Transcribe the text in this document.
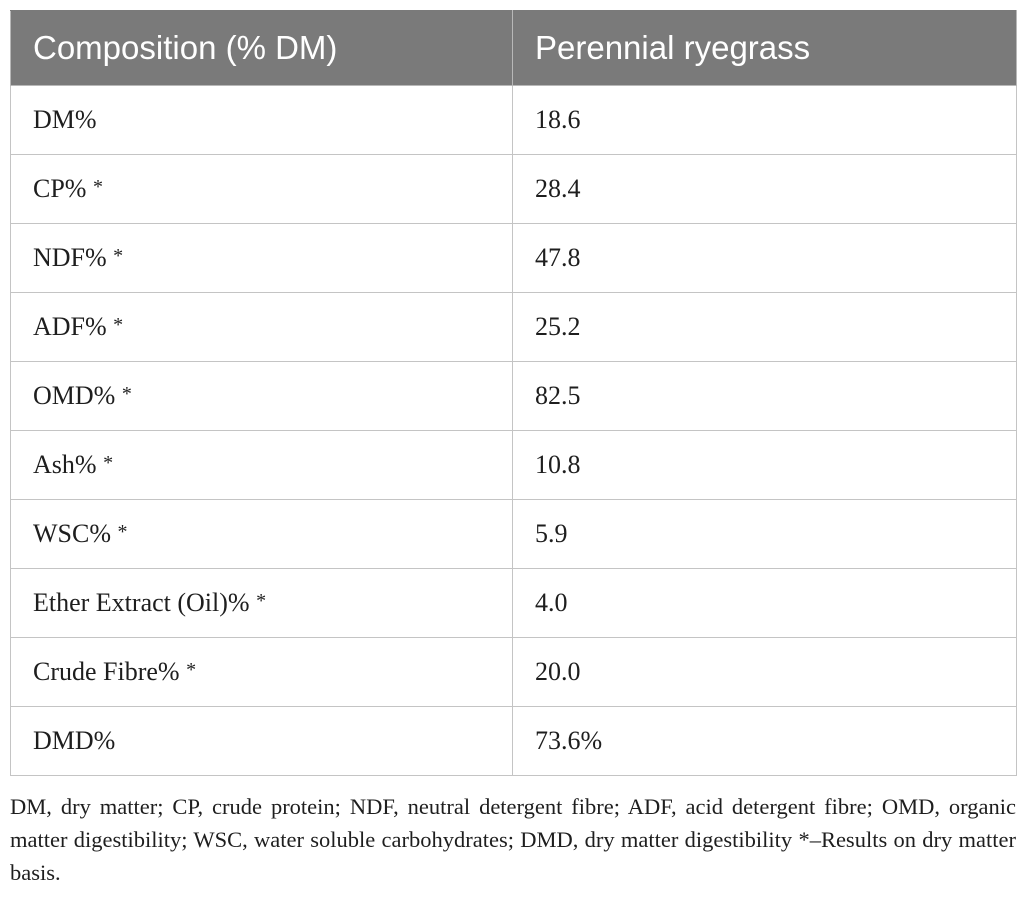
Composition (% DM)	Perennial ryegrass
DM%	18.6
CP% *	28.4
NDF% *	47.8
ADF% *	25.2
OMD% *	82.5
Ash% *	10.8
WSC% *	5.9
Ether Extract (Oil)% *	4.0
Crude Fibre% *	20.0
DMD%	73.6%
DM, dry matter; CP, crude protein; NDF, neutral detergent fibre; ADF, acid detergent fibre; OMD, organic matter digestibility; WSC, water soluble carbohydrates; DMD, dry matter digestibility *–Results on dry matter basis.
